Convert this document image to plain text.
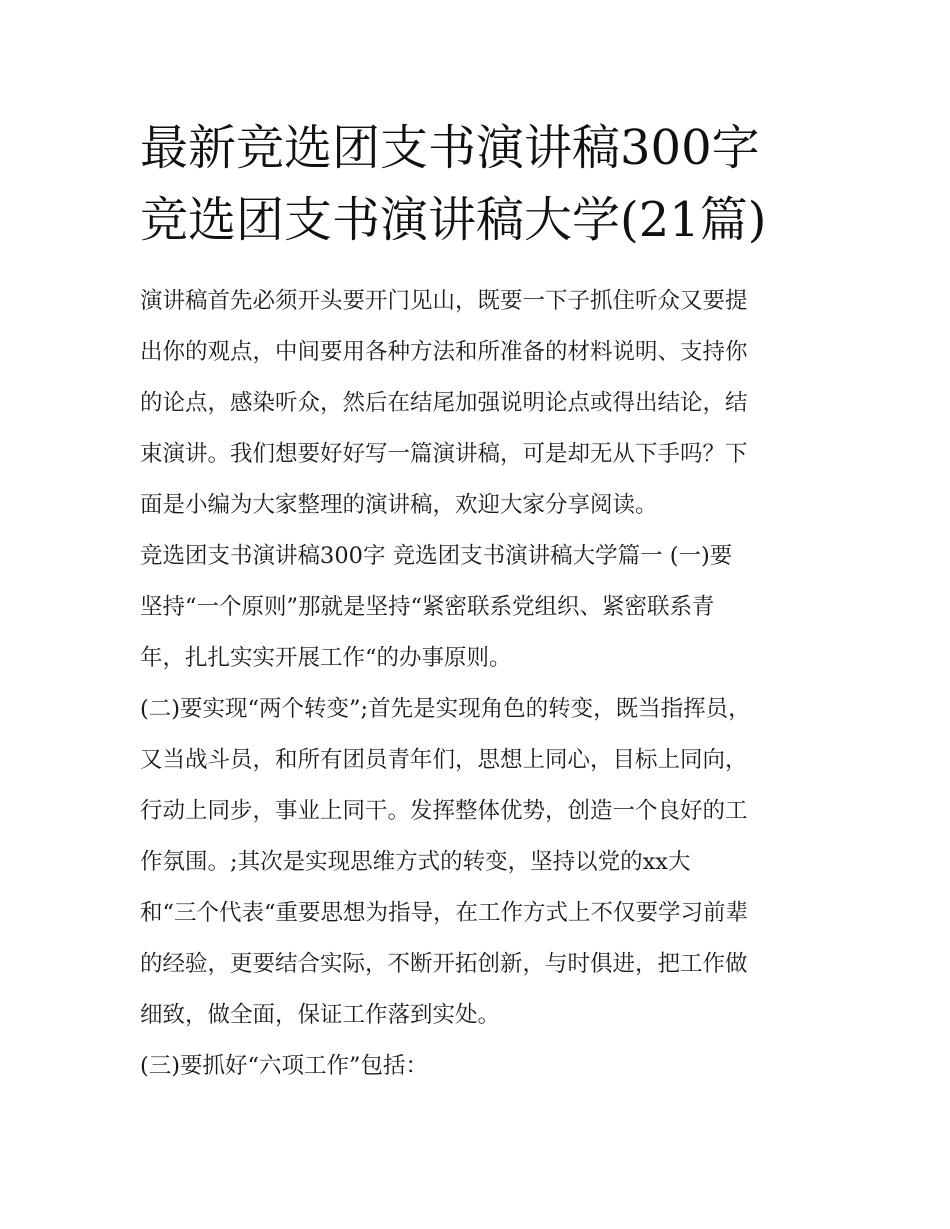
最新竞选团支书演讲稿300字
竞选团支书演讲稿大学(21篇)
演讲稿首先必须开头要开门见山，既要一下子抓住听众又要提
出你的观点，中间要用各种方法和所准备的材料说明、支持你
的论点，感染听众，然后在结尾加强说明论点或得出结论，结
束演讲。我们想要好好写一篇演讲稿，可是却无从下手吗？下
面是小编为大家整理的演讲稿，欢迎大家分享阅读。
竞选团支书演讲稿300字 竞选团支书演讲稿大学篇一 (一)要
坚持“一个原则”那就是坚持“紧密联系党组织、紧密联系青
年，扎扎实实开展工作“的办事原则。
(二)要实现“两个转变”;首先是实现角色的转变，既当指挥员，
又当战斗员，和所有团员青年们，思想上同心，目标上同向，
行动上同步，事业上同干。发挥整体优势，创造一个良好的工
作氛围。;其次是实现思维方式的转变，坚持以党的xx大
和“三个代表“重要思想为指导，在工作方式上不仅要学习前辈
的经验，更要结合实际，不断开拓创新，与时俱进，把工作做
细致，做全面，保证工作落到实处。
(三)要抓好“六项工作”包括：
